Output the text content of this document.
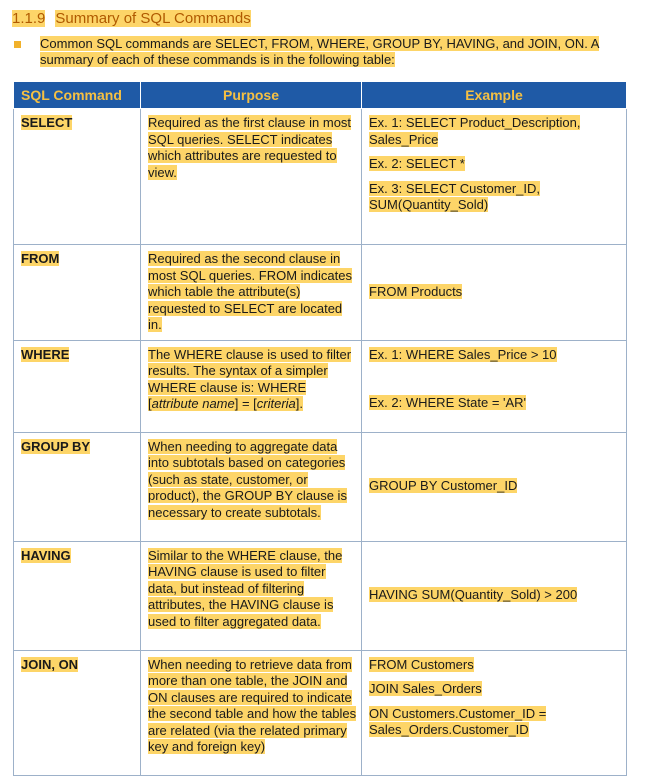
1.1.9 Summary of SQL Commands
Common SQL commands are SELECT, FROM, WHERE, GROUP BY, HAVING, and JOIN, ON. A summary of each of these commands is in the following table:
SQL Command	Purpose	Example
SELECT	Required as the first clause in most SQL queries. SELECT indicates which attributes are requested to view.	Ex. 1: SELECT Product_Description, Sales_Price
Ex. 2: SELECT *
Ex. 3: SELECT Customer_ID, SUM(Quantity_Sold)

FROM	Required as the second clause in most SQL queries. FROM indicates which table the attribute(s) requested to SELECT are located in.	FROM Products
WHERE	The WHERE clause is used to filter results. The syntax of a simpler WHERE clause is: WHERE [attribute name] = [criteria].	Ex. 1: WHERE Sales_Price > 10
Ex. 2: WHERE State = 'AR'

GROUP BY	When needing to aggregate data into subtotals based on categories (such as state, customer, or product), the GROUP BY clause is necessary to create subtotals.	GROUP BY Customer_ID
HAVING	Similar to the WHERE clause, the HAVING clause is used to filter data, but instead of filtering attributes, the HAVING clause is used to filter aggregated data.	HAVING SUM(Quantity_Sold) > 200
JOIN, ON	When needing to retrieve data from more than one table, the JOIN and ON clauses are required to indicate the second table and how the tables are related (via the related primary key and foreign key)	FROM Customers
JOIN Sales_Orders
ON Customers.Customer_ID = Sales_Orders.Customer_ID
